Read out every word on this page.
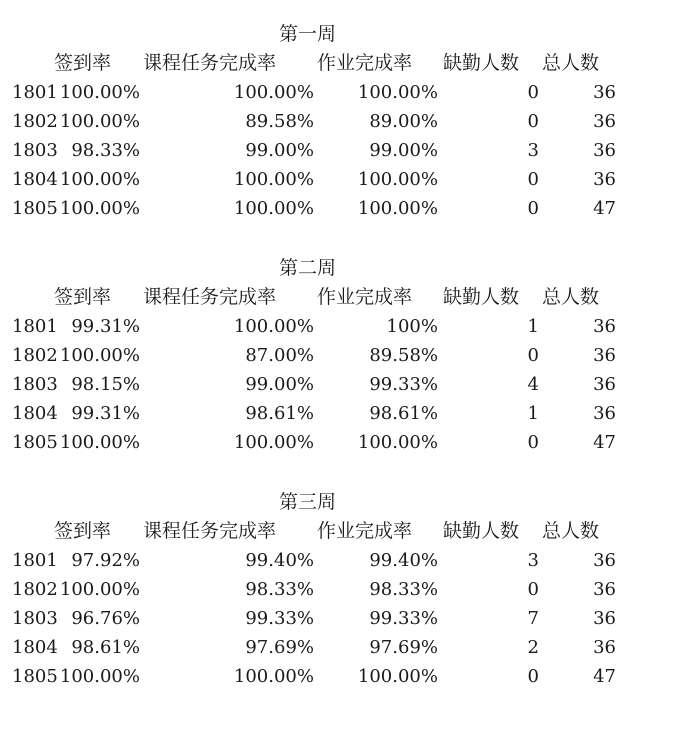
第一周
签到率 课程任务完成率 作业完成率 缺勤人数 总人数
1801 100.00%	100.00% 100.00%	0	36
1802 100.00%	89.58%	89.00%	0	36
1803 98.33%	99.00%	99.00%	3	36
1804 100.00%	100.00% 100.00%	0	36
1805 100.00%	100.00% 100.00%	0	47
第二周
签到率 课程任务完成率 作业完成率 缺勤人数 总人数
1801 99.31%	100.00%	100%	1	36
1802 100.00%	87.00%	89.58%	0	36
1803 98.15%	99.00%	99.33%	4	36
1804 99.31%	98.61%	98.61%	1	36
1805 100.00%	100.00% 100.00%	0	47
第三周
签到率 课程任务完成率 作业完成率 缺勤人数 总人数
1801 97.92%	99.40%	99.40%	3	36
1802 100.00%	98.33%	98.33%	0	36
1803 96.76%	99.33%	99.33%	7	36
1804 98.61%	97.69%	97.69%	2	36
1805 100.00%	100.00% 100.00%	0	47
